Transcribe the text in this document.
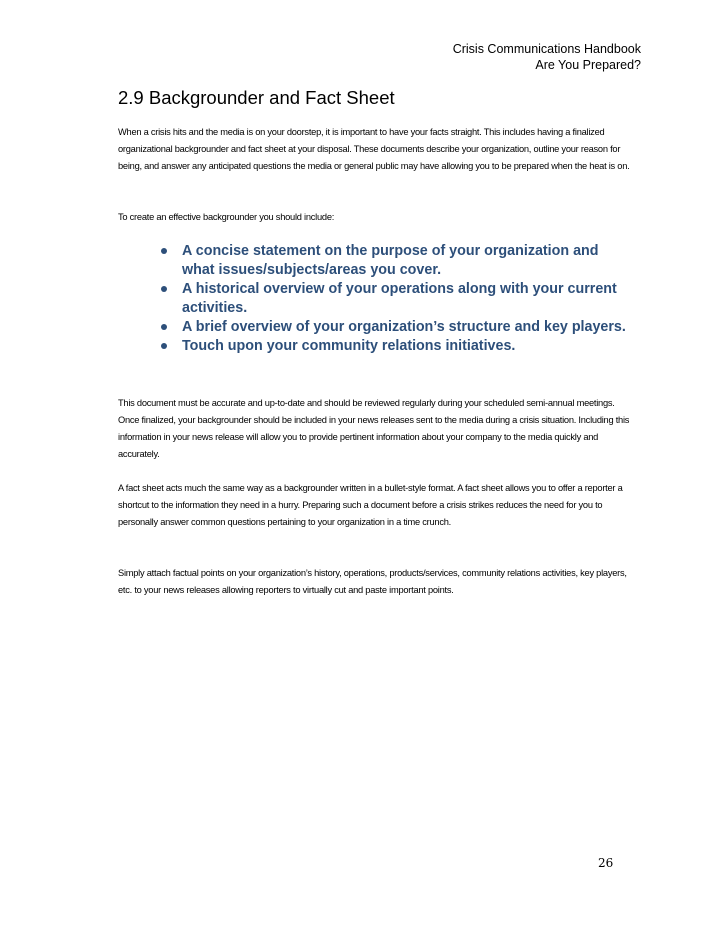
Crisis Communications Handbook
Are You Prepared?
2.9 Backgrounder and Fact Sheet

When a crisis hits and the media is on your doorstep, it is important to have your facts straight. This includes having a finalized organizational backgrounder and fact sheet at your disposal. These documents describe your organization, outline your reason for being, and answer any anticipated questions the media or general public may have allowing you to be prepared when the heat is on.

To create an effective backgrounder you should include:

A concise statement on the purpose of your organization and what issues/subjects/areas you cover.
A historical overview of your operations along with your current activities.
A brief overview of your organization’s structure and key players.
Touch upon your community relations initiatives.

This document must be accurate and up-to-date and should be reviewed regularly during your scheduled semi-annual meetings. Once finalized, your backgrounder should be included in your news releases sent to the media during a crisis situation. Including this information in your news release will allow you to provide pertinent information about your company to the media quickly and accurately.

A fact sheet acts much the same way as a backgrounder written in a bullet-style format. A fact sheet allows you to offer a reporter a shortcut to the information they need in a hurry. Preparing such a document before a crisis strikes reduces the need for you to personally answer common questions pertaining to your organization in a time crunch.

Simply attach factual points on your organization’s history, operations, products/services, community relations activities, key players, etc. to your news releases allowing reporters to virtually cut and paste important points.

26
